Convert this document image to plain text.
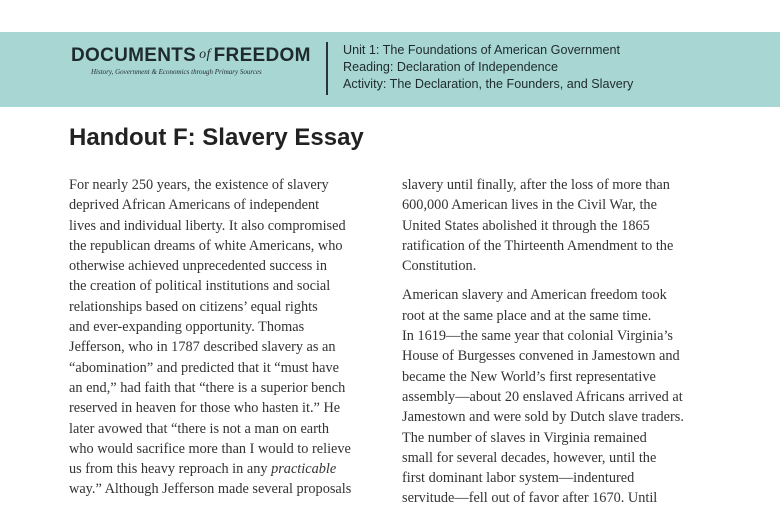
DOCUMENTS of FREEDOM
History, Government & Economics through Primary Sources
Unit 1: The Foundations of American Government
Reading: Declaration of Independence
Activity: The Declaration, the Founders, and Slavery
Handout F: Slavery Essay
For nearly 250 years, the existence of slavery
deprived African Americans of independent
lives and individual liberty. It also compromised
the republican dreams of white Americans, who
otherwise achieved unprecedented success in
the creation of political institutions and social
relationships based on citizens’ equal rights
and ever-expanding opportunity. Thomas
Jefferson, who in 1787 described slavery as an
“abomination” and predicted that it “must have
an end,” had faith that “there is a superior bench
reserved in heaven for those who hasten it.” He
later avowed that “there is not a man on earth
who would sacrifice more than I would to relieve
us from this heavy reproach in any practicable
way.” Although Jefferson made several proposals
slavery until finally, after the loss of more than
600,000 American lives in the Civil War, the
United States abolished it through the 1865
ratification of the Thirteenth Amendment to the
Constitution.
American slavery and American freedom took
root at the same place and at the same time.
In 1619—the same year that colonial Virginia’s
House of Burgesses convened in Jamestown and
became the New World’s first representative
assembly—about 20 enslaved Africans arrived at
Jamestown and were sold by Dutch slave traders.
The number of slaves in Virginia remained
small for several decades, however, until the
first dominant labor system—indentured
servitude—fell out of favor after 1670. Until
